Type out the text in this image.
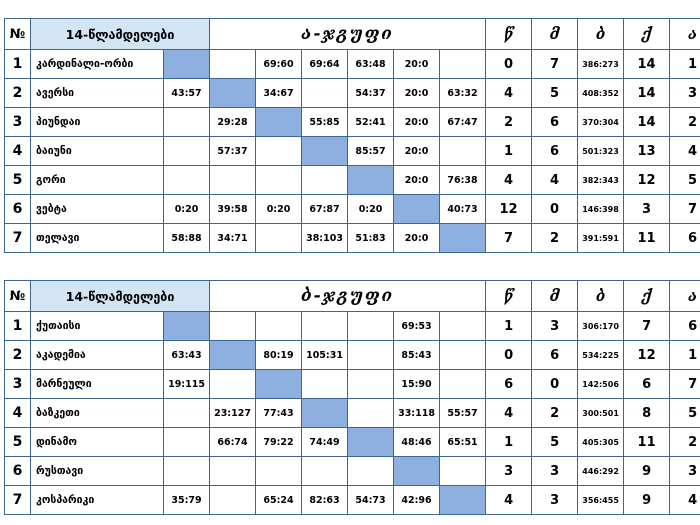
№	14-წლამდელები		ა-ჯგუფი						წ	მ	ბ	ქ	ა
1	კარდინალი-ორბი			69:60	69:64	63:48	20:0		0	7	386:273	14	1
2	ავერსი	43:57		34:67		54:37	20:0	63:32	4	5	408:352	14	3
3	პიუნდაი		29:28		55:85	52:41	20:0	67:47	2	6	370:304	14	2
4	ბაიუნი		57:37			85:57	20:0		1	6	501:323	13	4
5	გორი						20:0	76:38	4	4	382:343	12	5
6	ვებტა	0:20	39:58	0:20	67:87	0:20		40:73	12	0	146:398	3	7
7	თელავი	58:88	34:71		38:103	51:83	20:0		7	2	391:591	11	6
№	14-წლამდელები		ბ-ჯგუფი						წ	მ	ბ	ქ	ა
1	ქუთაისი						69:53		1	3	306:170	7	6
2	აკადემია	63:43		80:19	105:31		85:43		0	6	534:225	12	1
3	მარნეული	19:115					15:90		6	0	142:506	6	7
4	ბაზკეთი		23:127	77:43			33:118	55:57	4	2	300:501	8	5
5	დინამო		66:74	79:22	74:49		48:46	65:51	1	5	405:305	11	2
6	რუსთავი								3	3	446:292	9	3
7	კოსპარიკი	35:79		65:24	82:63	54:73	42:96		4	3	356:455	9	4
